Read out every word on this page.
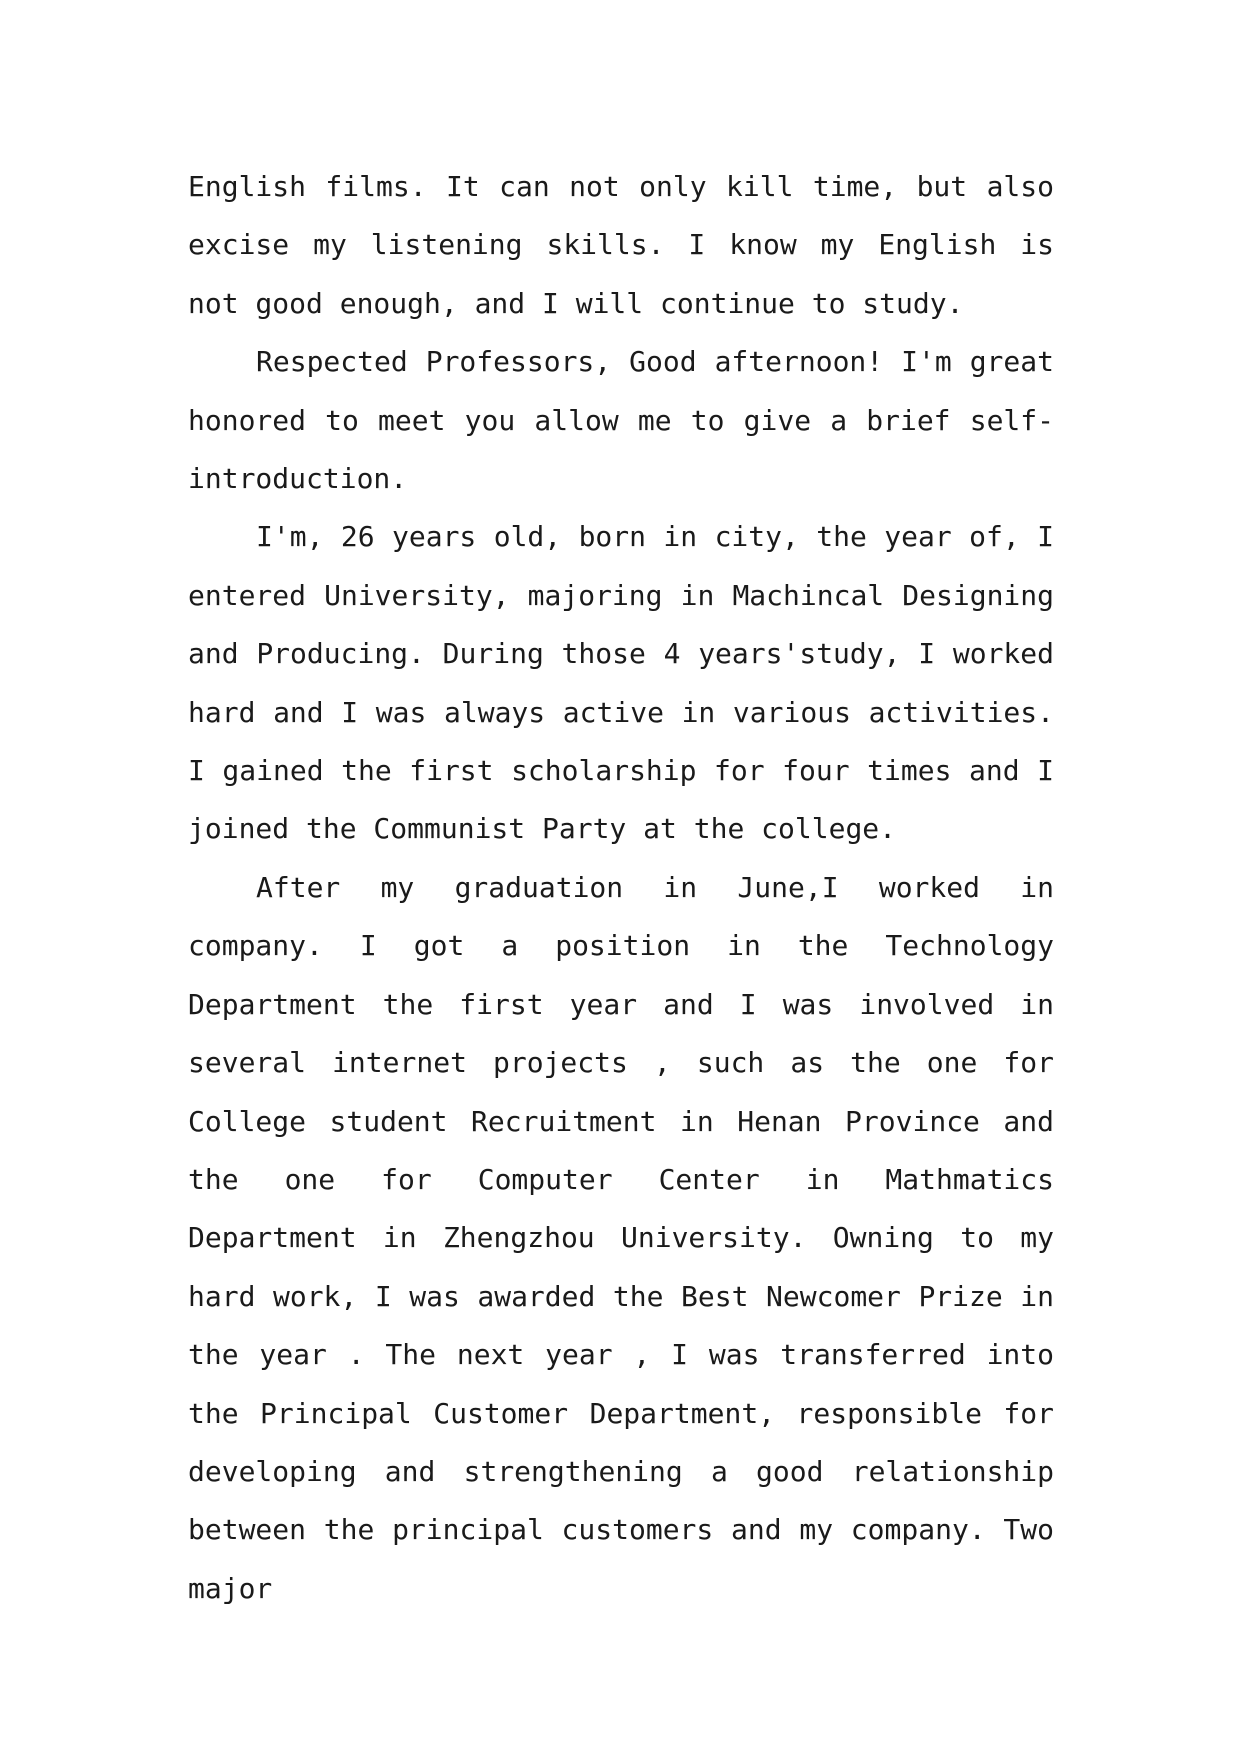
English films. It can not only kill time, but also excise my listening skills. I know my English is not good enough, and I will continue to study.

Respected Professors, Good afternoon! I'm great honored to meet you allow me to give a brief self-introduction.

I'm, 26 years old, born in city, the year of, I entered University, majoring in Machincal Designing and Producing. During those 4 years'study, I worked hard and I was always active in various activities. I gained the first scholarship for four times and I joined the Communist Party at the college.

After my graduation in June,I worked in company. I got a position in the Technology Department the first year and I was involved in several internet projects , such as the one for College student Recruitment in Henan Province and the one for Computer Center in Mathmatics Department in Zhengzhou University. Owning to my hard work, I was awarded the Best Newcomer Prize in the year . The next year , I was transferred into the Principal Customer Department, responsible for developing and strengthening a good relationship between the principal customers and my company. Two major
